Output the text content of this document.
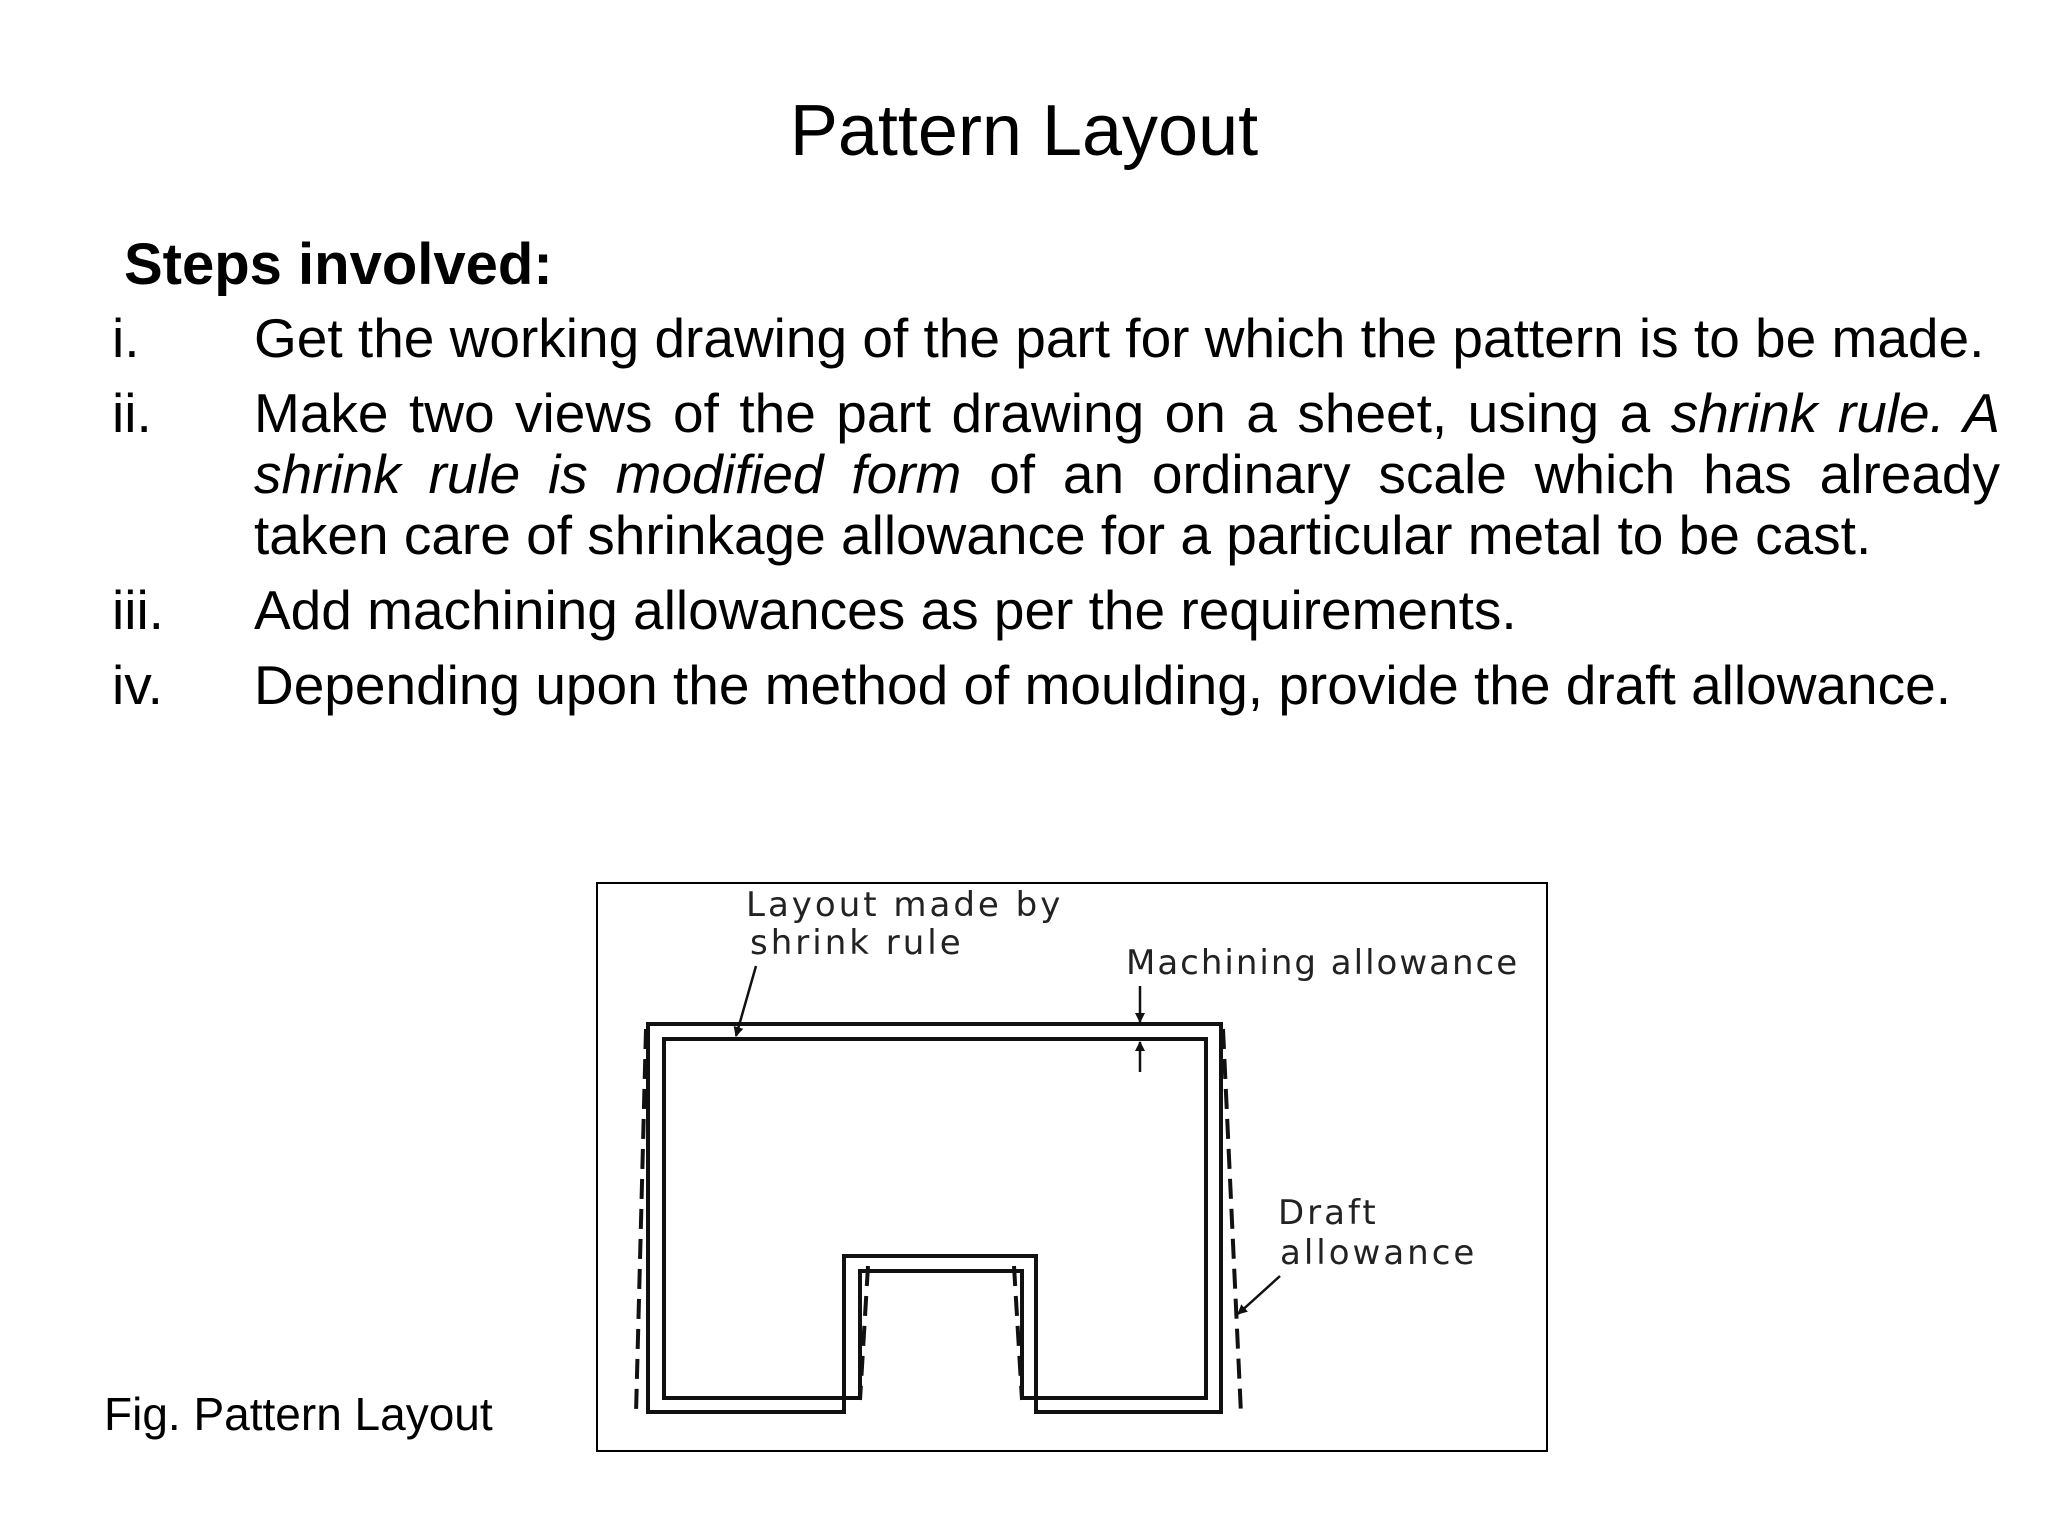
Pattern Layout
Steps involved:
i. Get the working drawing of the part for which the pattern is to be made.
ii. Make two views of the part drawing on a sheet, using a shrink rule. A shrink rule is modified form of an ordinary scale which has already taken care of shrinkage allowance for a particular metal to be cast.
iii. Add machining allowances as per the requirements.
iv. Depending upon the method of moulding, provide the draft allowance.
Fig. Pattern Layout
Layout made by
shrink rule	Machining allowance
Draft
allowance
